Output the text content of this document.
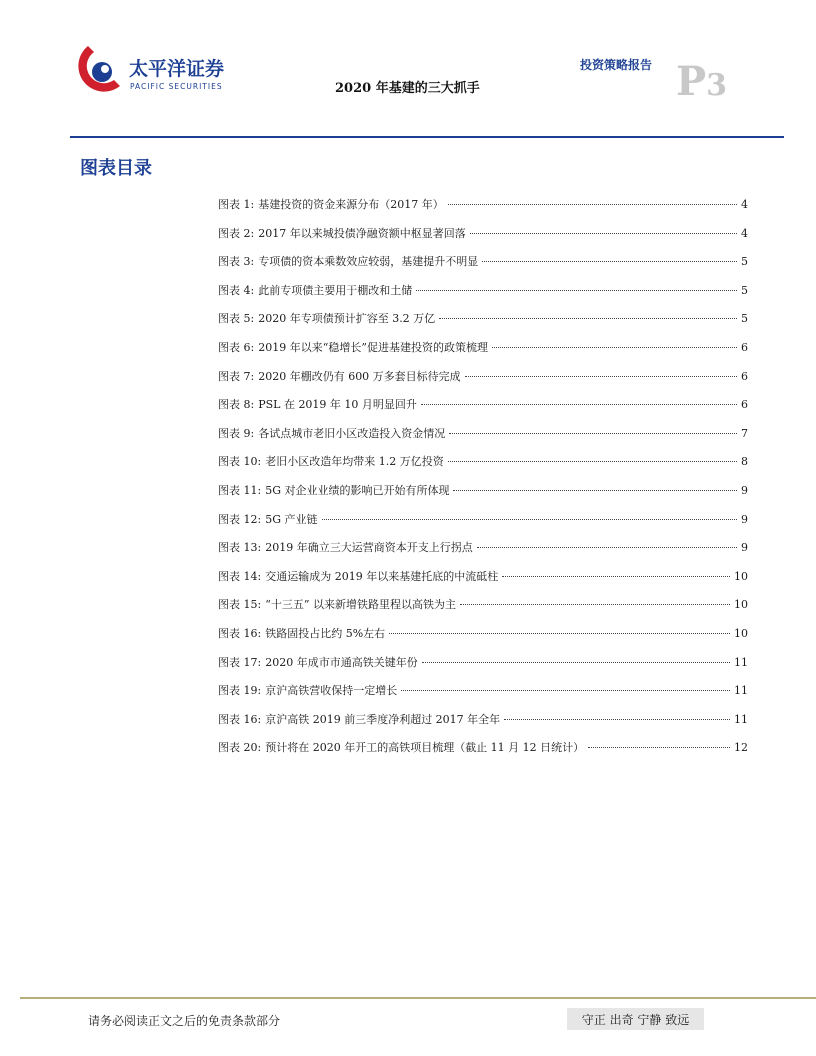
太平洋证券
PACIFIC SECURITIES	2020 年基建的三大抓手
投资策略报告 P3
图表目录
图表 1: 基建投资的资金来源分布（2017 年）	4
图表 2: 2017 年以来城投债净融资额中枢显著回落	4
图表 3: 专项债的资本乘数效应较弱，基建提升不明显	5
图表 4: 此前专项债主要用于棚改和土储	5
图表 5: 2020 年专项债预计扩容至 3.2 万亿	5
图表 6: 2019 年以来“稳增长”促进基建投资的政策梳理	6
图表 7: 2020 年棚改仍有 600 万多套目标待完成	6
图表 8: PSL 在 2019 年 10 月明显回升	6
图表 9: 各试点城市老旧小区改造投入资金情况	7
图表 10: 老旧小区改造年均带来 1.2 万亿投资	8
图表 11: 5G 对企业业绩的影响已开始有所体现	9
图表 12: 5G 产业链	9
图表 13: 2019 年确立三大运营商资本开支上行拐点	9
图表 14: 交通运输成为 2019 年以来基建托底的中流砥柱	10
图表 15: “十三五” 以来新增铁路里程以高铁为主	10
图表 16: 铁路固投占比约 5%左右	10
图表 17: 2020 年成市市通高铁关键年份	11
图表 19: 京沪高铁营收保持一定增长	11
图表 16: 京沪高铁 2019 前三季度净利超过 2017 年全年	11
图表 20: 预计将在 2020 年开工的高铁项目梳理（截止 11 月 12 日统计）	12
请务必阅读正文之后的免责条款部分	守正 出奇 宁静 致远
